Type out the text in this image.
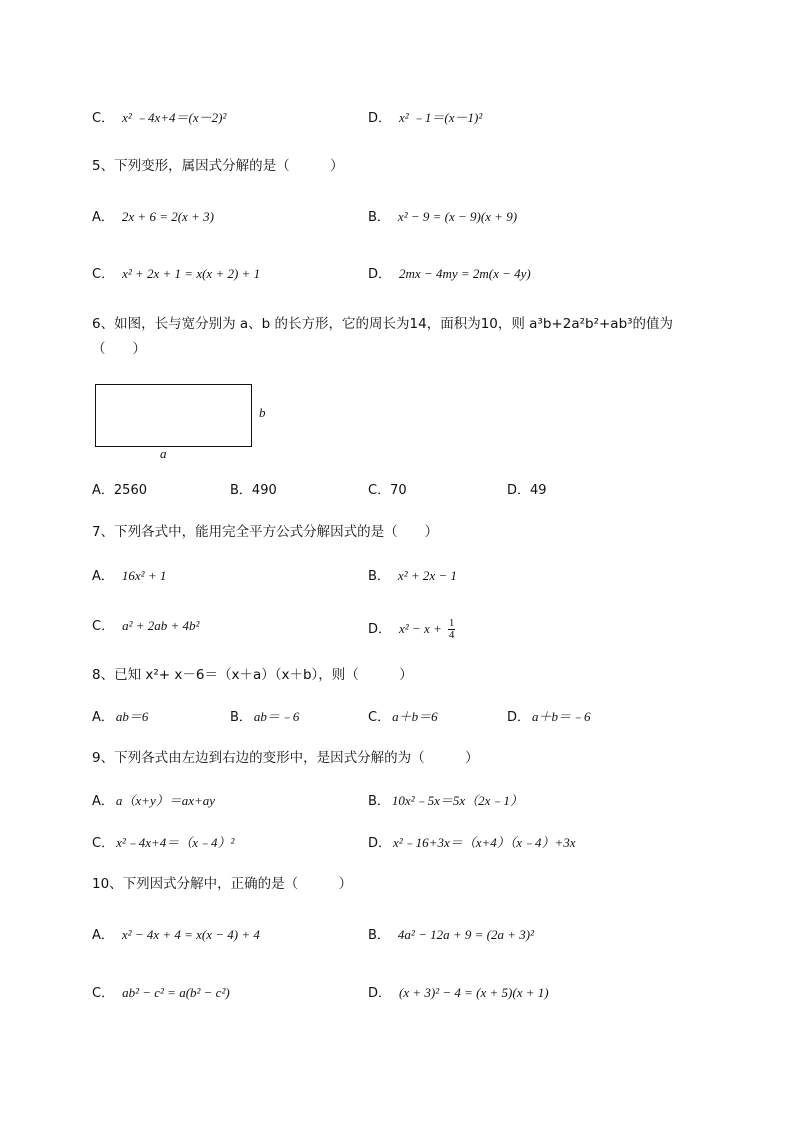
C． x² ﹣4x+4＝(x－2)²	D． x² ﹣1＝(x－1)²
5、下列变形，属因式分解的是（　　　）
A． 2x + 6 = 2(x + 3)	B． x² − 9 = (x − 9)(x + 9)
C． x² + 2x + 1 = x(x + 2) + 1	D． 2mx − 4my = 2m(x − 4y)
6、如图，长与宽分别为 a、b 的长方形，它的周长为14，面积为10，则 a³b+2a²b²+ab³的值为
（　　）
b
a
A．2560	B．490	C．70	D．49
7、下列各式中，能用完全平方公式分解因式的是（　　）
A． 16x² + 1	B． x² + 2x − 1
C． a² + 2ab + 4b²	D． $x^2 - x + \frac{1}{4}$
8、已知 x²+ x－6＝（x＋a）（x＋b），则（　　　）
A． ab＝6	B． ab＝﹣6	C． a＋b＝6	D． a＋b＝﹣6
9、下列各式由左边到右边的变形中，是因式分解的为（　　　）
A． a（x+y）＝ax+ay	B． 10x²﹣5x＝5x（2x﹣1）
C． x²﹣4x+4＝（x﹣4）²	D． x²﹣16+3x＝（x+4）（x﹣4）+3x
10、下列因式分解中，正确的是（　　　）
A． x² − 4x + 4 = x(x − 4) + 4	B． 4a² − 12a + 9 = (2a + 3)²
C． ab² − c² = a(b² − c²)	D． (x + 3)² − 4 = (x + 5)(x + 1)
